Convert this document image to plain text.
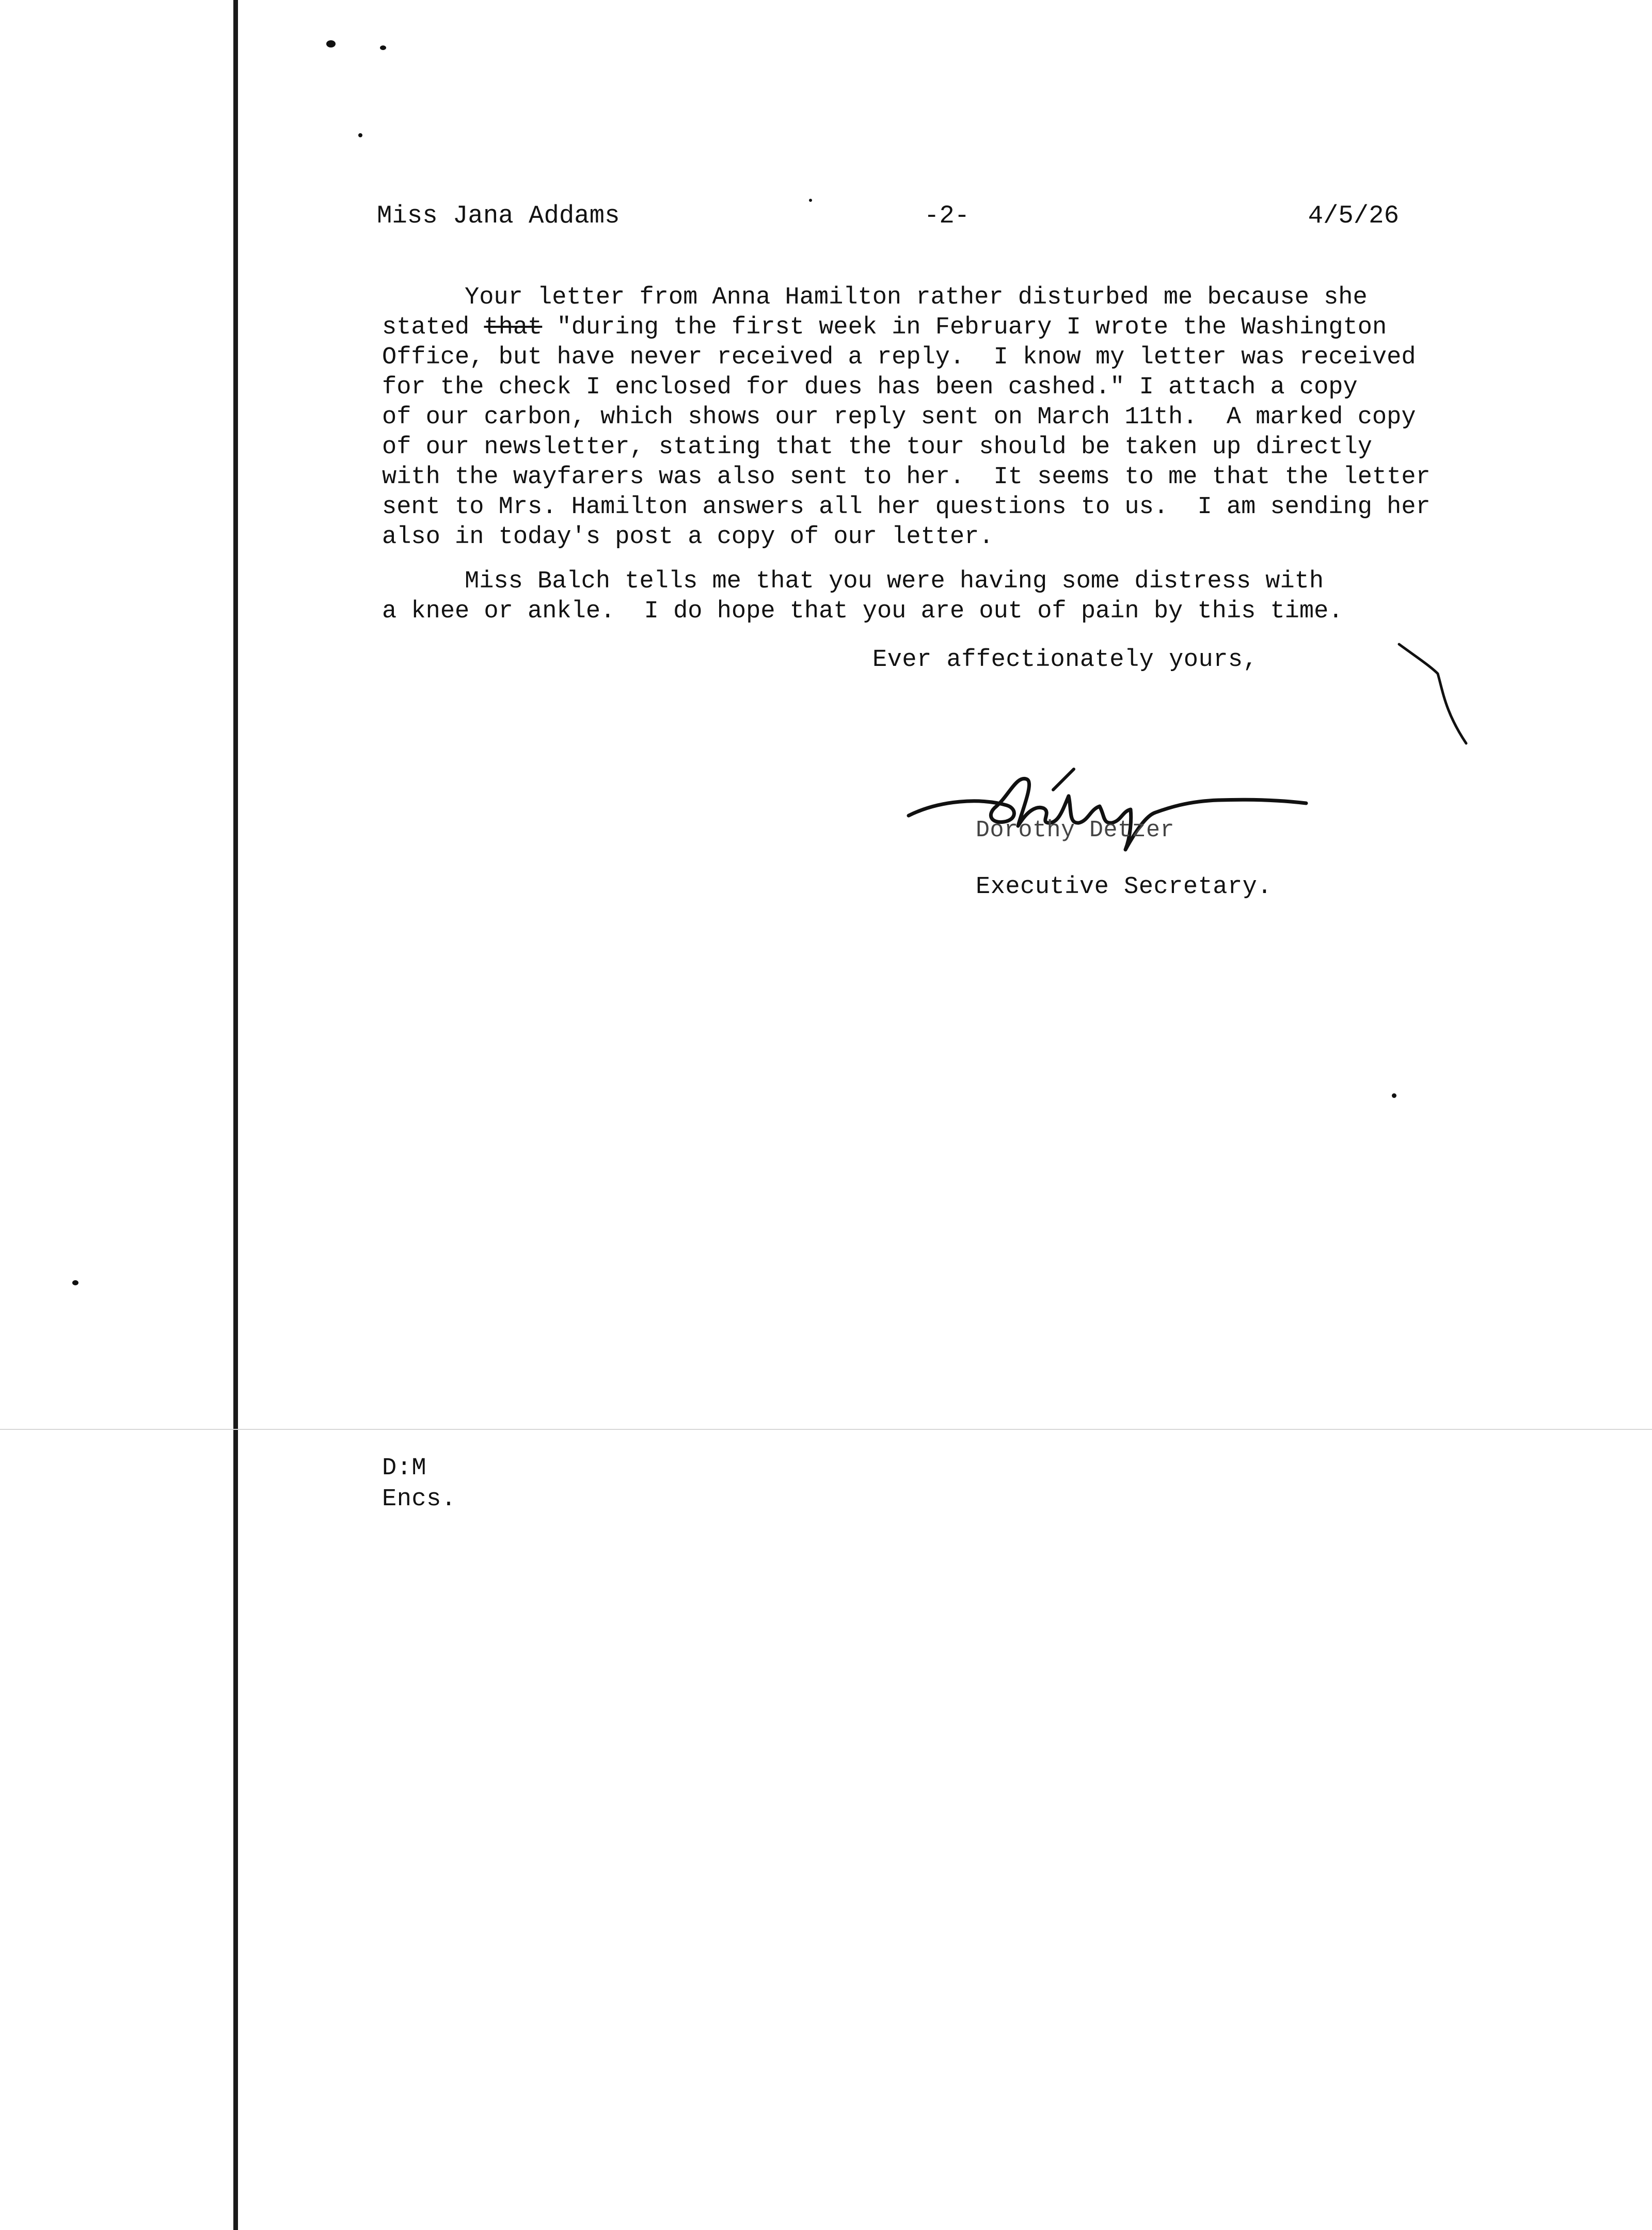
Miss Jana Addams	-2-	4/5/26
Your letter from Anna Hamilton rather disturbed me because she
stated that "during the first week in February I wrote the Washington
Office, but have never received a reply.  I know my letter was received
for the check I enclosed for dues has been cashed." I attach a copy
of our carbon, which shows our reply sent on March 11th.  A marked copy
of our newsletter, stating that the tour should be taken up directly
with the wayfarers was also sent to her.  It seems to me that the letter
sent to Mrs. Hamilton answers all her questions to us.  I am sending her
also in today's post a copy of our letter.
Miss Balch tells me that you were having some distress with
a knee or ankle.  I do hope that you are out of pain by this time.
Ever affectionately yours,
Dorothy Detzer
Executive Secretary.
D:M
Encs.
